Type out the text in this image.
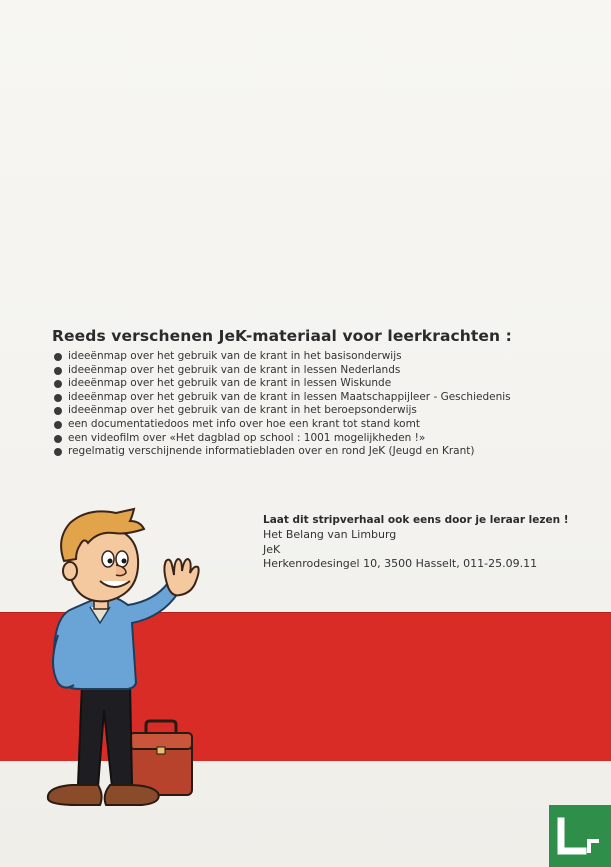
Reeds verschenen JeK-materiaal voor leerkrachten :
ideeënmap over het gebruik van de krant in het basisonderwijs
ideeënmap over het gebruik van de krant in lessen Nederlands
ideeënmap over het gebruik van de krant in lessen Wiskunde
ideeënmap over het gebruik van de krant in lessen Maatschappijleer - Geschiedenis
ideeënmap over het gebruik van de krant in het beroepsonderwijs
een documentatiedoos met info over hoe een krant tot stand komt
een videofilm over «Het dagblad op school : 1001 mogelijkheden !»
regelmatig verschijnende informatiebladen over en rond JeK (Jeugd en Krant)
Laat dit stripverhaal ook eens door je leraar lezen !
Het Belang van Limburg
JeK
Herkenrodesingel 10, 3500 Hasselt, 011-25.09.11
